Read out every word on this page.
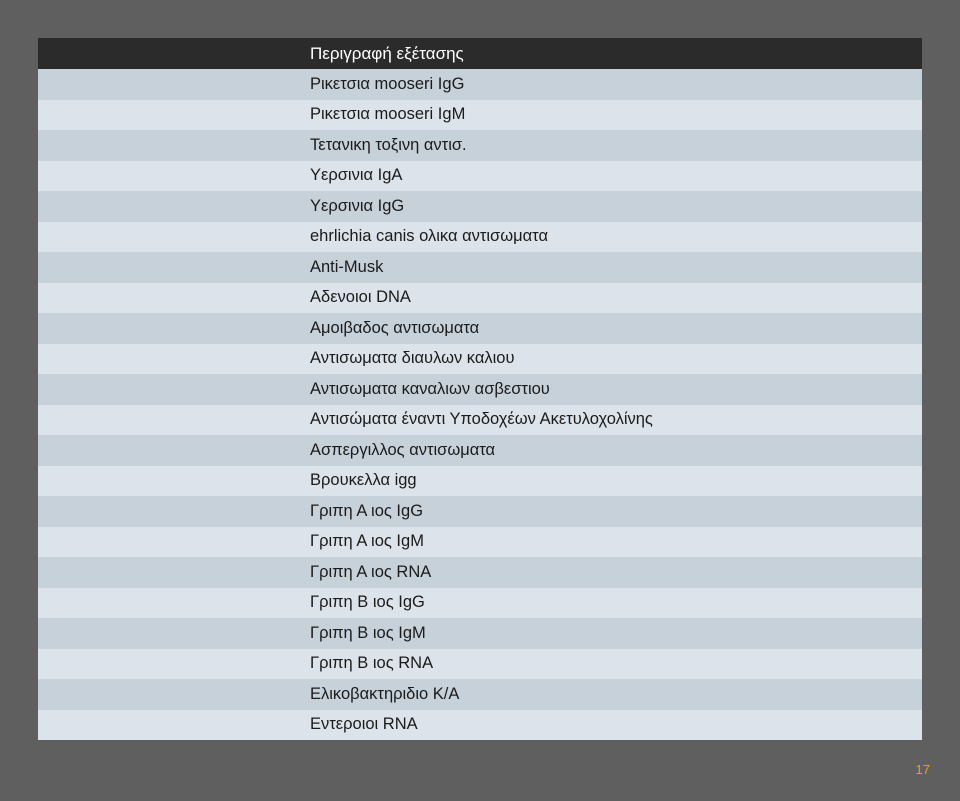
Περιγραφή εξέτασης
Ρικετσια mooseri IgG
Ρικετσια mooseri IgM
Τετανικη τοξινη αντισ.
Υερσινια IgA
Υερσινια IgG
ehrlichia canis ολικα αντισωματα
Anti-Musk
Αδενοιοι DNA
Αμοιβαδος αντισωματα
Αντισωματα διαυλων καλιου
Αντισωματα καναλιων ασβεστιου
Αντισώματα έναντι Υποδοχέων Ακετυλοχολίνης
Ασπεργιλλος αντισωματα
Βρουκελλα igg
Γριπη Α ιος IgG
Γριπη Α ιος IgM
Γριπη Α ιος RNA
Γριπη Β ιος IgG
Γριπη Β ιος IgM
Γριπη Β ιος RNA
Ελικοβακτηριδιο Κ/Α
Εντεροιοι RNA
17
